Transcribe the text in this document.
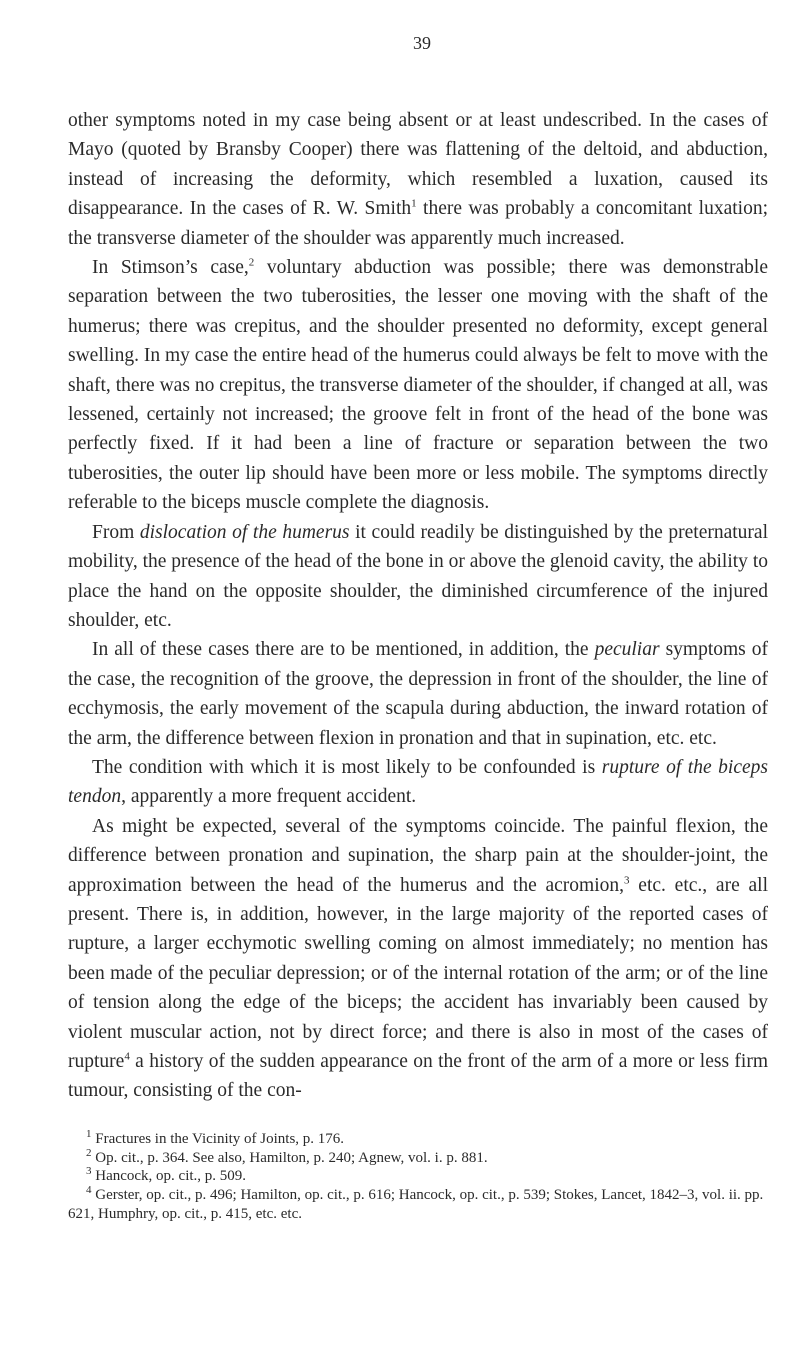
39

other symptoms noted in my case being absent or at least undescribed. In the cases of Mayo (quoted by Bransby Cooper) there was flattening of the deltoid, and abduction, instead of increasing the deformity, which resembled a luxation, caused its disappearance. In the cases of R. W. Smith$^1$ there was probably a concomitant luxation; the transverse diameter of the shoulder was apparently much increased.

In Stimson’s case,$^2$ voluntary abduction was possible; there was demonstrable separation between the two tuberosities, the lesser one moving with the shaft of the humerus; there was crepitus, and the shoulder presented no deformity, except general swelling. In my case the entire head of the humerus could always be felt to move with the shaft, there was no crepitus, the transverse diameter of the shoulder, if changed at all, was lessened, certainly not increased; the groove felt in front of the head of the bone was perfectly fixed. If it had been a line of fracture or separation between the two tuberosities, the outer lip should have been more or less mobile. The symptoms directly referable to the biceps muscle complete the diagnosis.

From dislocation of the humerus it could readily be distinguished by the preternatural mobility, the presence of the head of the bone in or above the glenoid cavity, the ability to place the hand on the opposite shoulder, the diminished circumference of the injured shoulder, etc.

In all of these cases there are to be mentioned, in addition, the peculiar symptoms of the case, the recognition of the groove, the depression in front of the shoulder, the line of ecchymosis, the early movement of the scapula during abduction, the inward rotation of the arm, the difference between flexion in pronation and that in supination, etc. etc.

The condition with which it is most likely to be confounded is rupture of the biceps tendon, apparently a more frequent accident.

As might be expected, several of the symptoms coincide. The painful flexion, the difference between pronation and supination, the sharp pain at the shoulder-joint, the approximation between the head of the humerus and the acromion,$^3$ etc. etc., are all present. There is, in addition, however, in the large majority of the reported cases of rupture, a larger ecchymotic swelling coming on almost immediately; no mention has been made of the peculiar depression; or of the internal rotation of the arm; or of the line of tension along the edge of the biceps; the accident has invariably been caused by violent muscular action, not by direct force; and there is also in most of the cases of rupture$^4$ a history of the sudden appearance on the front of the arm of a more or less firm tumour, consisting of the con-

$^1$ Fractures in the Vicinity of Joints, p. 176.

$^2$ Op. cit., p. 364. See also, Hamilton, p. 240; Agnew, vol. i. p. 881.

$^3$ Hancock, op. cit., p. 509.

$^4$ Gerster, op. cit., p. 496; Hamilton, op. cit., p. 616; Hancock, op. cit., p. 539; Stokes, Lancet, 1842–3, vol. ii. pp. 621, Humphry, op. cit., p. 415, etc. etc.
